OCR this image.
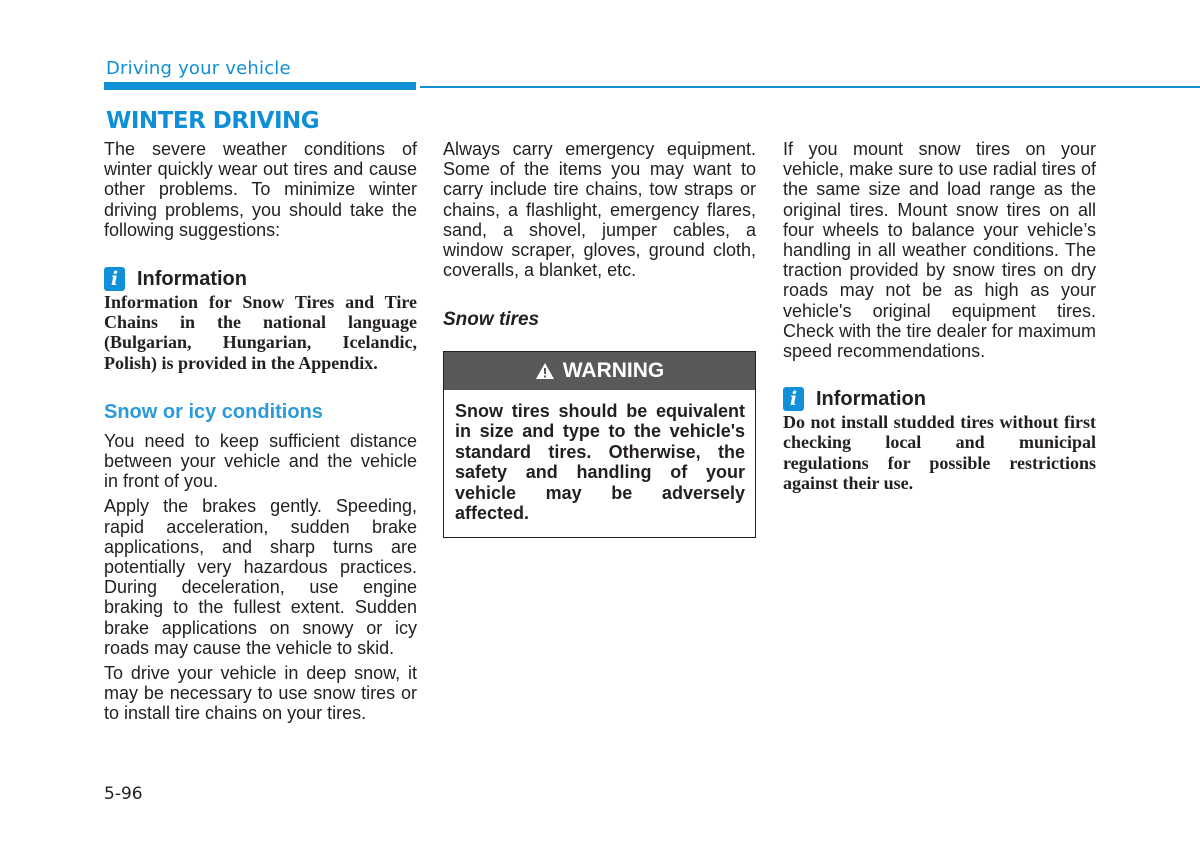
Driving your vehicle
WINTER DRIVING

The severe weather conditions of winter quickly wear out tires and cause other problems. To minimize winter driving problems, you should take the following suggestions:

i Information

Information for Snow Tires and Tire Chains in the national language (Bulgarian, Hungarian, Icelandic, Polish) is provided in the Appendix.

Snow or icy conditions

You need to keep sufficient distance between your vehicle and the vehicle in front of you.

Apply the brakes gently. Speeding, rapid acceleration, sudden brake applications, and sharp turns are potentially very hazardous practices. During deceleration, use engine braking to the fullest extent. Sudden brake applications on snowy or icy roads may cause the vehicle to skid.

To drive your vehicle in deep snow, it may be necessary to use snow tires or to install tire chains on your tires.

Always carry emergency equipment. Some of the items you may want to carry include tire chains, tow straps or chains, a flashlight, emergency flares, sand, a shovel, jumper cables, a window scraper, gloves, ground cloth, coveralls, a blanket, etc.

Snow tires
WARNING
Snow tires should be equivalent in size and type to the vehicle's standard tires. Otherwise, the safety and handling of your vehicle may be adversely affected.

If you mount snow tires on your vehicle, make sure to use radial tires of the same size and load range as the original tires. Mount snow tires on all four wheels to balance your vehicle’s handling in all weather conditions. The traction provided by snow tires on dry roads may not be as high as your vehicle's original equipment tires. Check with the tire dealer for maximum speed recommendations.

i Information

Do not install studded tires without first checking local and municipal regulations for possible restrictions against their use.

5-96
